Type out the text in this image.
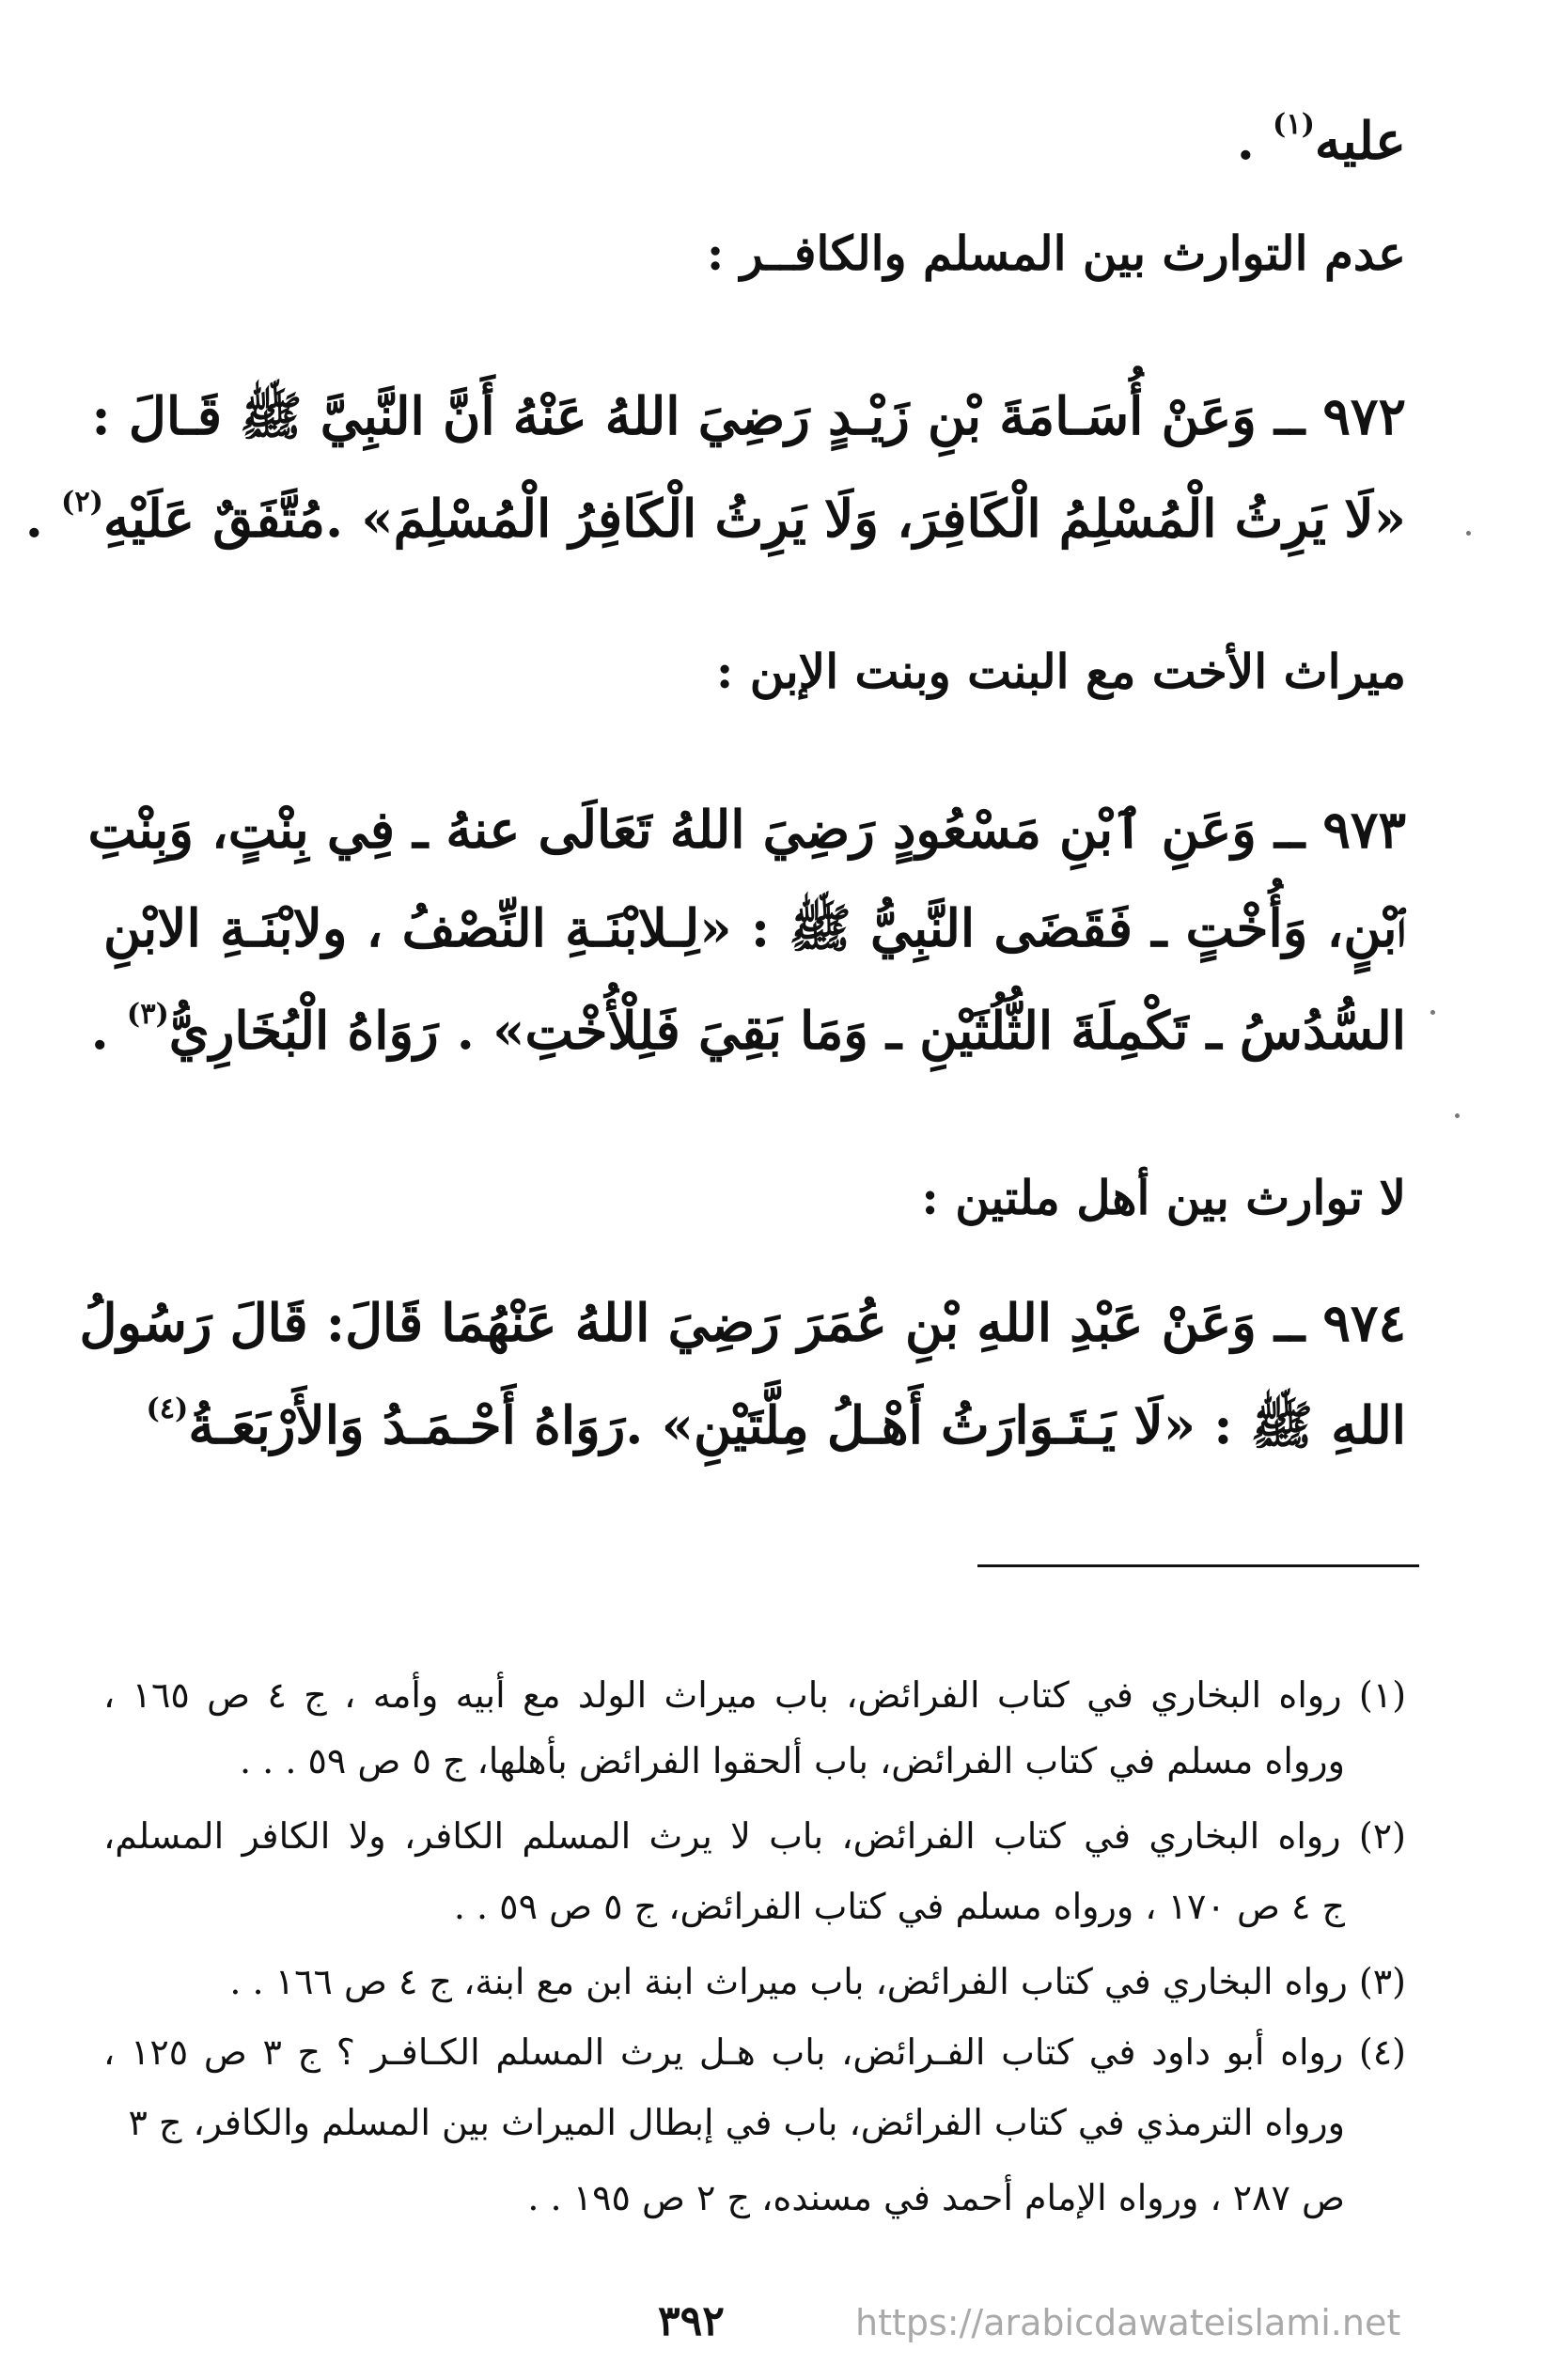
عليه$^{(١)}$ .
عدم التوارث بين المسلم والكافــر :
٩٧٢ ــ وَعَنْ أُسَـامَةَ بْنِ زَيْـدٍ رَضِيَ اللهُ عَنْهُ أَنَّ النَّبِيَّ ﷺ قَـالَ :
«لَا يَرِثُ الْمُسْلِمُ الْكَافِرَ، وَلَا يَرِثُ الْكَافِرُ الْمُسْلِمَ» .مُتَّفَقٌ عَلَيْهِ$^{(٢)}$ .
ميراث الأخت مع البنت وبنت الإبن :
٩٧٣ ــ وَعَنِ ٱبْنِ مَسْعُودٍ رَضِيَ اللهُ تَعَالَى عنهُ ـ فِي بِنْتٍ، وَبِنْتِ
ٱبْنٍ، وَأُخْتٍ ـ فَقَضَى النَّبِيُّ ﷺ : «لِـلابْنَـةِ النِّصْفُ ، ولابْنَـةِ الابْنِ
السُّدُسُ ـ تَكْمِلَةَ الثُّلُثَيْنِ ـ وَمَا بَقِيَ فَلِلْأُخْتِ» . رَوَاهُ الْبُخَارِيُّ$^{(٣)}$ .
لا توارث بين أهل ملتين :
٩٧٤ ــ وَعَنْ عَبْدِ اللهِ بْنِ عُمَرَ رَضِيَ اللهُ عَنْهُمَا قَالَ: قَالَ رَسُولُ
اللهِ ﷺ : «لَا يَـتَـوَارَثُ أَهْـلُ مِلَّتَيْنِ» .رَوَاهُ أَحْـمَـدُ وَالأَرْبَعَـةُ$^{(٤)}$
(١) رواه البخاري في كتاب الفرائض، باب ميراث الولد مع أبيه وأمه ، ج ٤ ص ١٦٥ ،
ورواه مسلم في كتاب الفرائض، باب ألحقوا الفرائض بأهلها، ج ٥ ص ٥٩ . . .
(٢) رواه البخاري في كتاب الفرائض، باب لا يرث المسلم الكافر، ولا الكافر المسلم،
ج ٤ ص ١٧٠ ، ورواه مسلم في كتاب الفرائض، ج ٥ ص ٥٩ . .
(٣) رواه البخاري في كتاب الفرائض، باب ميراث ابنة ابن مع ابنة، ج ٤ ص ١٦٦ . .
(٤) رواه أبو داود في كتاب الفـرائض، باب هـل يرث المسلم الكـافـر ؟ ج ٣ ص ١٢٥ ،
ورواه الترمذي في كتاب الفرائض، باب في إبطال الميراث بين المسلم والكافر، ج ٣
ص ٢٨٧ ، ورواه الإمام أحمد في مسنده، ج ٢ ص ١٩٥ . .
٣٩٢	https://arabicdawateislami.net
